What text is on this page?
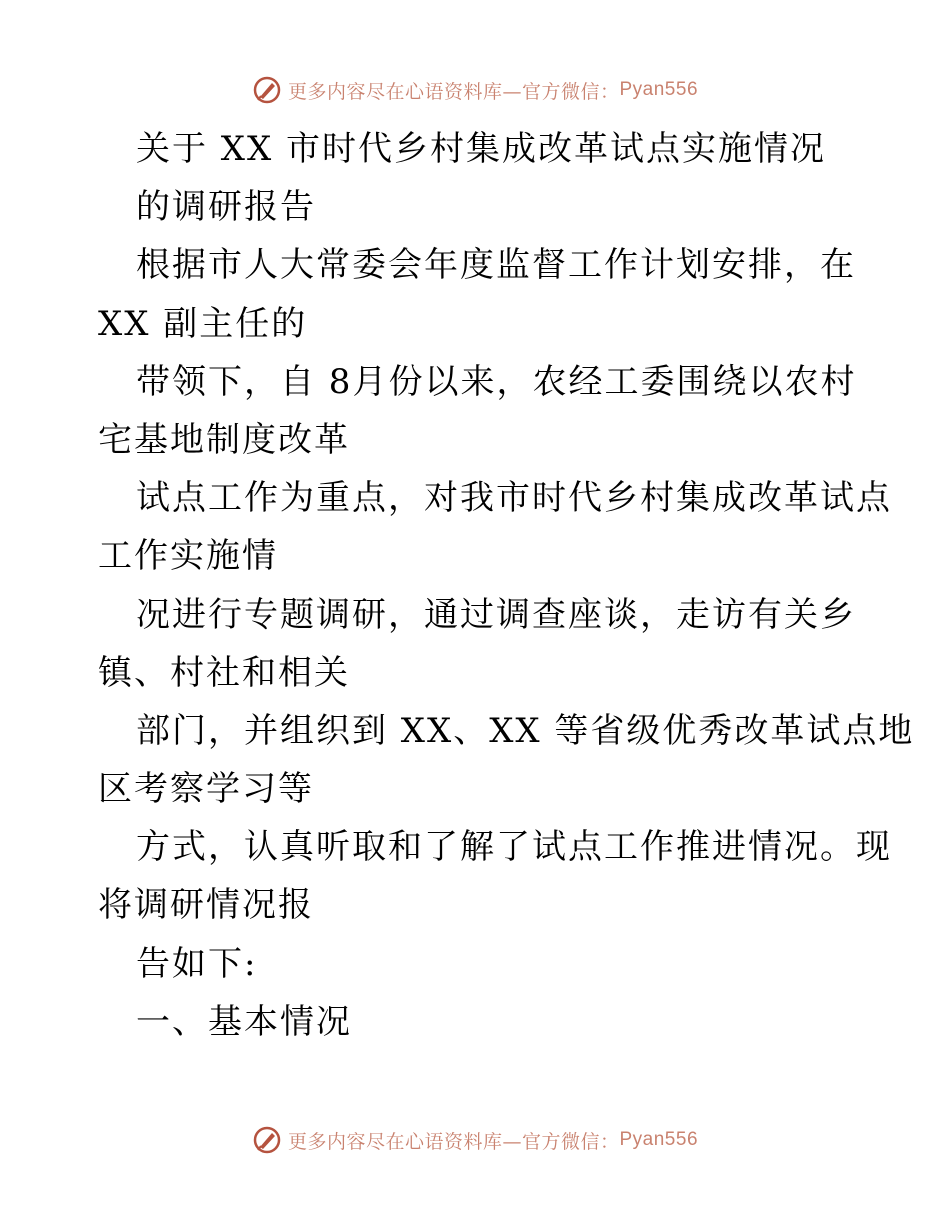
更多内容尽在心语资料库—官方微信： Pyan556
关于 XX 市时代乡村集成改革试点实施情况
的调研报告
根据市人大常委会年度监督工作计划安排，在
XX 副主任的
带领下，自 8月份以来，农经工委围绕以农村
宅基地制度改革
试点工作为重点，对我市时代乡村集成改革试点
工作实施情
况进行专题调研，通过调查座谈，走访有关乡
镇、村社和相关
部门，并组织到 XX、XX 等省级优秀改革试点地
区考察学习等
方式，认真听取和了解了试点工作推进情况。现
将调研情况报
告如下:
一、基本情况
更多内容尽在心语资料库—官方微信： Pyan556
